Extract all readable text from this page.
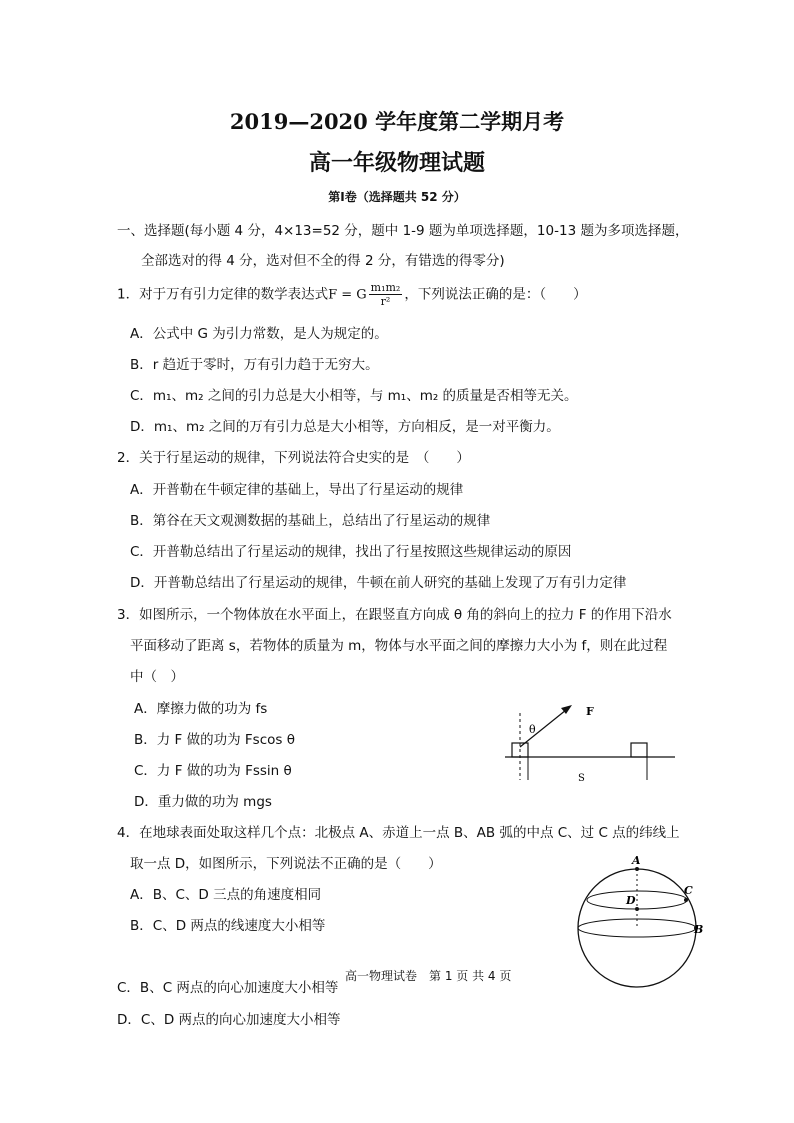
2019—2020 学年度第二学期月考
高一年级物理试题
第Ⅰ卷（选择题共 52 分）
一、选择题(每小题 4 分，4×13=52 分，题中 1-9 题为单项选择题，10-13 题为多项选择题，
全部选对的得 4 分，选对但不全的得 2 分，有错选的得零分)
1．对于万有引力定律的数学表达式F = G $\frac{\text{m₁m₂}}{\text{r²}}$ ，下列说法正确的是：（　　）
A．公式中 G 为引力常数，是人为规定的。
B．r 趋近于零时，万有引力趋于无穷大。
C．m₁、m₂ 之间的引力总是大小相等，与 m₁、m₂ 的质量是否相等无关。
D．m₁、m₂ 之间的万有引力总是大小相等，方向相反，是一对平衡力。
2．关于行星运动的规律，下列说法符合史实的是　（　　）
A．开普勒在牛顿定律的基础上，导出了行星运动的规律
B．第谷在天文观测数据的基础上，总结出了行星运动的规律
C．开普勒总结出了行星运动的规律，找出了行星按照这些规律运动的原因
D．开普勒总结出了行星运动的规律，牛顿在前人研究的基础上发现了万有引力定律
3．如图所示，一个物体放在水平面上，在跟竖直方向成 θ 角的斜向上的拉力 F 的作用下沿水
平面移动了距离 s，若物体的质量为 m，物体与水平面之间的摩擦力大小为 f，则在此过程
中（　）
A．摩擦力做的功为 fs
B．力 F 做的功为 Fscos θ
C．力 F 做的功为 Fssin θ
D．重力做的功为 mgs
F
θ
S
4．在地球表面处取这样几个点：北极点 A、赤道上一点 B、AB 弧的中点 C、过 C 点的纬线上
取一点 D，如图所示，下列说法不正确的是（　　）
A．B、C、D 三点的角速度相同
B．C、D 两点的线速度大小相等
C．B、C 两点的向心加速度大小相等
D．C、D 两点的向心加速度大小相等
A
C
B
D
高一物理试卷　第 1 页 共 4 页
